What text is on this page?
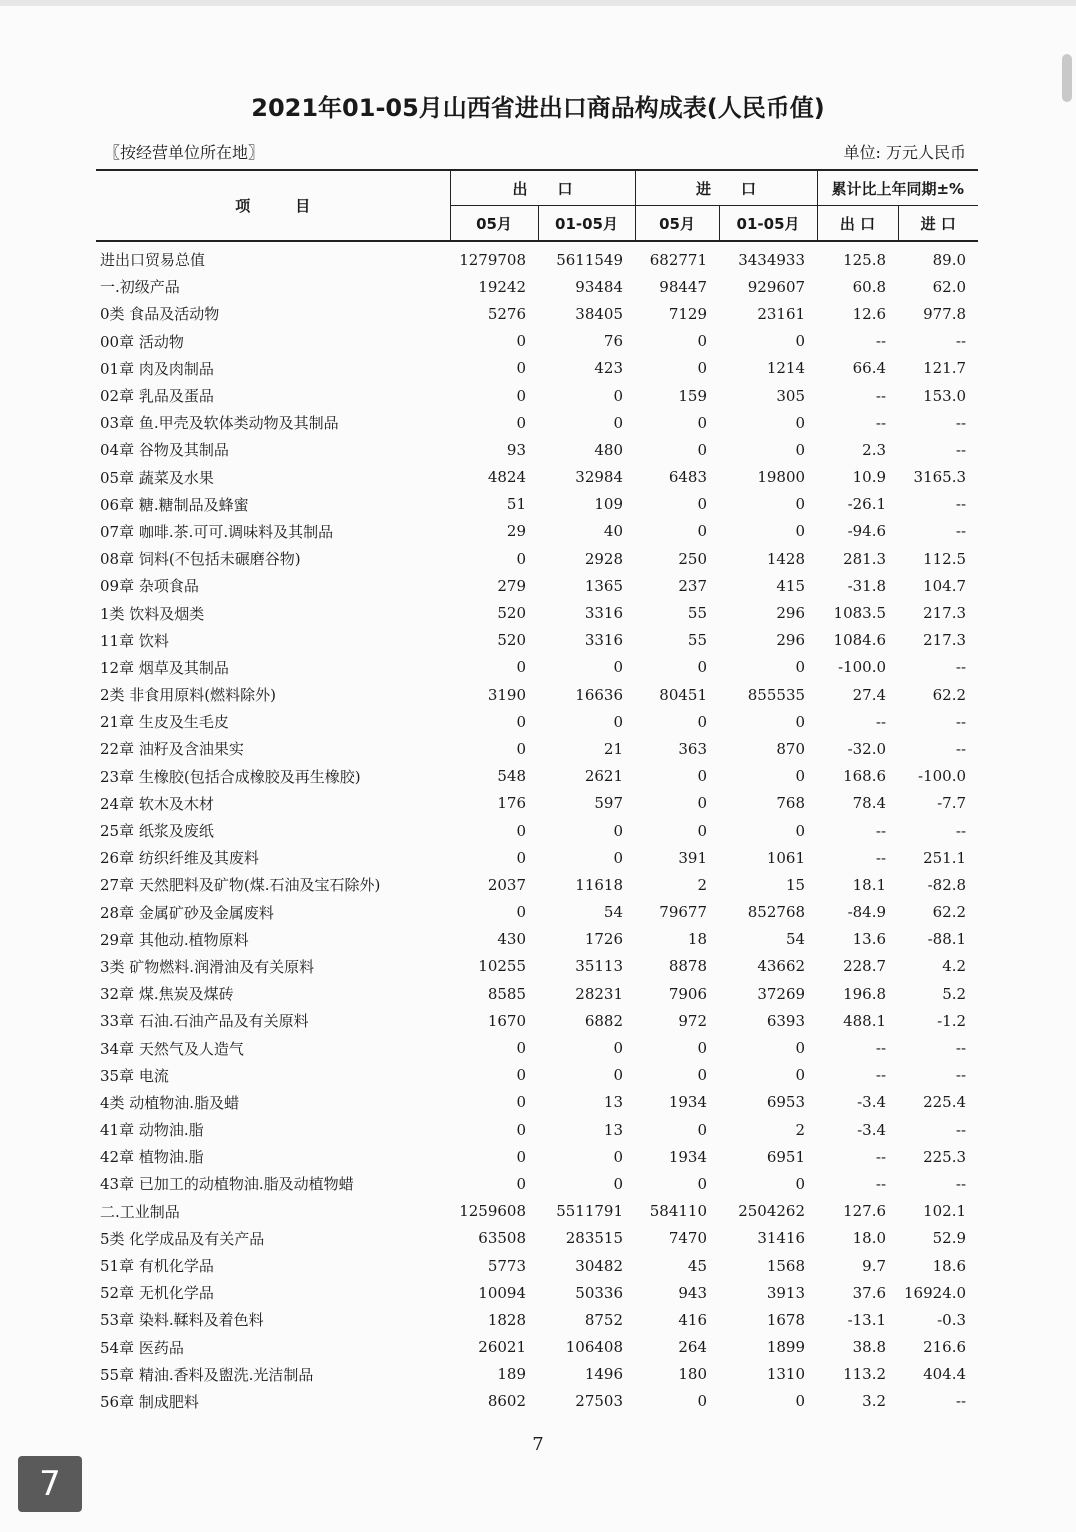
2021年01-05月山西省进出口商品构成表(人民币值)
〖按经营单位所在地〗	单位: 万元人民币
项　　　目	出　　口		进　　口		累计比上年同期±%	
	05月	01-05月	05月	01-05月	出 口	进 口
进出口贸易总值	1279708	5611549	682771	3434933	125.8	89.0
一.初级产品	19242	93484	98447	929607	60.8	62.0
0类 食品及活动物	5276	38405	7129	23161	12.6	977.8
00章 活动物	0	76	0	0	--	--
01章 肉及肉制品	0	423	0	1214	66.4	121.7
02章 乳品及蛋品	0	0	159	305	--	153.0
03章 鱼.甲壳及软体类动物及其制品	0	0	0	0	--	--
04章 谷物及其制品	93	480	0	0	2.3	--
05章 蔬菜及水果	4824	32984	6483	19800	10.9	3165.3
06章 糖.糖制品及蜂蜜	51	109	0	0	-26.1	--
07章 咖啡.茶.可可.调味料及其制品	29	40	0	0	-94.6	--
08章 饲料(不包括未碾磨谷物)	0	2928	250	1428	281.3	112.5
09章 杂项食品	279	1365	237	415	-31.8	104.7
1类 饮料及烟类	520	3316	55	296	1083.5	217.3
11章 饮料	520	3316	55	296	1084.6	217.3
12章 烟草及其制品	0	0	0	0	-100.0	--
2类 非食用原料(燃料除外)	3190	16636	80451	855535	27.4	62.2
21章 生皮及生毛皮	0	0	0	0	--	--
22章 油籽及含油果实	0	21	363	870	-32.0	--
23章 生橡胶(包括合成橡胶及再生橡胶)	548	2621	0	0	168.6	-100.0
24章 软木及木材	176	597	0	768	78.4	-7.7
25章 纸浆及废纸	0	0	0	0	--	--
26章 纺织纤维及其废料	0	0	391	1061	--	251.1
27章 天然肥料及矿物(煤.石油及宝石除外)	2037	11618	2	15	18.1	-82.8
28章 金属矿砂及金属废料	0	54	79677	852768	-84.9	62.2
29章 其他动.植物原料	430	1726	18	54	13.6	-88.1
3类 矿物燃料.润滑油及有关原料	10255	35113	8878	43662	228.7	4.2
32章 煤.焦炭及煤砖	8585	28231	7906	37269	196.8	5.2
33章 石油.石油产品及有关原料	1670	6882	972	6393	488.1	-1.2
34章 天然气及人造气	0	0	0	0	--	--
35章 电流	0	0	0	0	--	--
4类 动植物油.脂及蜡	0	13	1934	6953	-3.4	225.4
41章 动物油.脂	0	13	0	2	-3.4	--
42章 植物油.脂	0	0	1934	6951	--	225.3
43章 已加工的动植物油.脂及动植物蜡	0	0	0	0	--	--
二.工业制品	1259608	5511791	584110	2504262	127.6	102.1
5类 化学成品及有关产品	63508	283515	7470	31416	18.0	52.9
51章 有机化学品	5773	30482	45	1568	9.7	18.6
52章 无机化学品	10094	50336	943	3913	37.6	16924.0
53章 染料.鞣料及着色料	1828	8752	416	1678	-13.1	-0.3
54章 医药品	26021	106408	264	1899	38.8	216.6
55章 精油.香料及盥洗.光洁制品	189	1496	180	1310	113.2	404.4
56章 制成肥料	8602	27503	0	0	3.2	--
7
7
